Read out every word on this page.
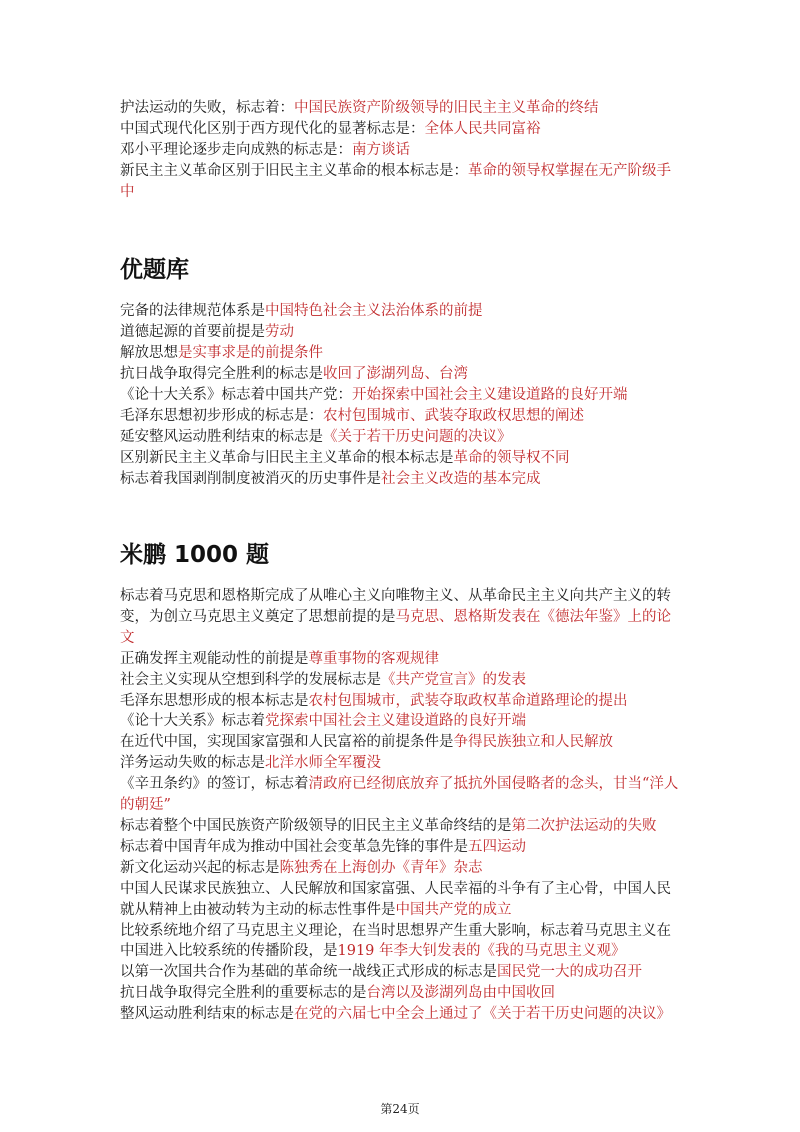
护法运动的失败，标志着：中国民族资产阶级领导的旧民主主义革命的终结

中国式现代化区别于西方现代化的显著标志是：全体人民共同富裕

邓小平理论逐步走向成熟的标志是：南方谈话

新民主主义革命区别于旧民主主义革命的根本标志是：革命的领导权掌握在无产阶级手中

优题库

完备的法律规范体系是中国特色社会主义法治体系的前提

道德起源的首要前提是劳动

解放思想是实事求是的前提条件

抗日战争取得完全胜利的标志是收回了澎湖列岛、台湾

《论十大关系》标志着中国共产党：开始探索中国社会主义建设道路的良好开端

毛泽东思想初步形成的标志是：农村包围城市、武装夺取政权思想的阐述

延安整风运动胜利结束的标志是《关于若干历史问题的决议》

区别新民主主义革命与旧民主主义革命的根本标志是革命的领导权不同

标志着我国剥削制度被消灭的历史事件是社会主义改造的基本完成

米鹏 1000 题

标志着马克思和恩格斯完成了从唯心主义向唯物主义、从革命民主主义向共产主义的转变，为创立马克思主义奠定了思想前提的是马克思、恩格斯发表在《德法年鉴》上的论文

正确发挥主观能动性的前提是尊重事物的客观规律

社会主义实现从空想到科学的发展标志是《共产党宣言》的发表

毛泽东思想形成的根本标志是农村包围城市，武装夺取政权革命道路理论的提出

《论十大关系》标志着党探索中国社会主义建设道路的良好开端

在近代中国，实现国家富强和人民富裕的前提条件是争得民族独立和人民解放

洋务运动失败的标志是北洋水师全军覆没

《辛丑条约》的签订，标志着清政府已经彻底放弃了抵抗外国侵略者的念头，甘当“洋人的朝廷”

标志着整个中国民族资产阶级领导的旧民主主义革命终结的是第二次护法运动的失败

标志着中国青年成为推动中国社会变革急先锋的事件是五四运动

新文化运动兴起的标志是陈独秀在上海创办《青年》杂志

中国人民谋求民族独立、人民解放和国家富强、人民幸福的斗争有了主心骨，中国人民就从精神上由被动转为主动的标志性事件是中国共产党的成立

比较系统地介绍了马克思主义理论，在当时思想界产生重大影响，标志着马克思主义在中国进入比较系统的传播阶段，是1919 年李大钊发表的《我的马克思主义观》

以第一次国共合作为基础的革命统一战线正式形成的标志是国民党一大的成功召开

抗日战争取得完全胜利的重要标志的是台湾以及澎湖列岛由中国收回

整风运动胜利结束的标志是在党的六届七中全会上通过了《关于若干历史问题的决议》

第24页
